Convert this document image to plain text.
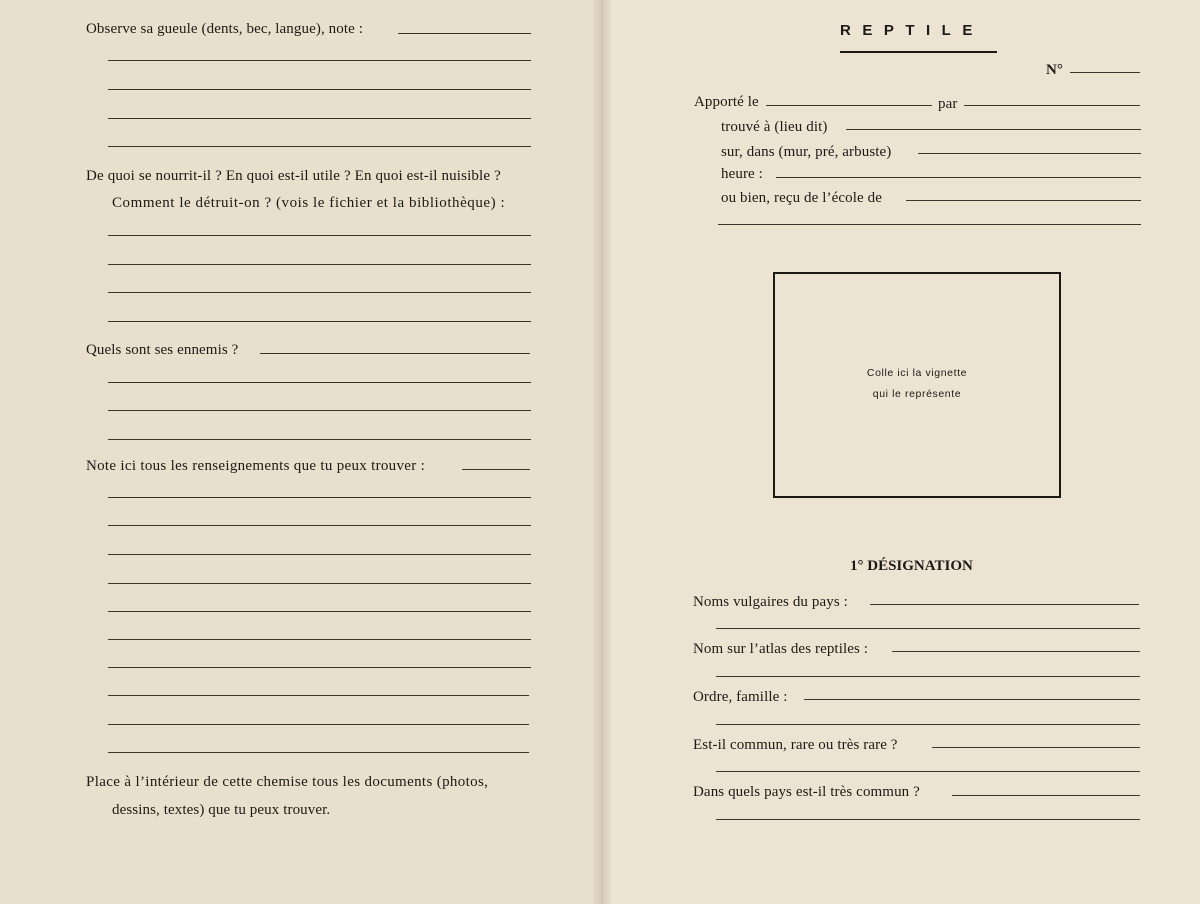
Observe sa gueule (dents, bec, langue), note :
De quoi se nourrit-il ? En quoi est-il utile ? En quoi est-il nuisible ?
Comment le détruit-on ? (vois le fichier et la bibliothèque) :
Quels sont ses ennemis ?
Note ici tous les renseignements que tu peux trouver :
Place à l’intérieur de cette chemise tous les documents (photos,
dessins, textes) que tu peux trouver.
REPTILE
N°
Apporté le	par
trouvé à (lieu dit)
sur, dans (mur, pré, arbuste)
heure :
ou bien, reçu de l’école de
Colle ici la vignette
qui le représente
1° DÉSIGNATION
Noms vulgaires du pays :
Nom sur l’atlas des reptiles :
Ordre, famille :
Est-il commun, rare ou très rare ?
Dans quels pays est-il très commun ?
